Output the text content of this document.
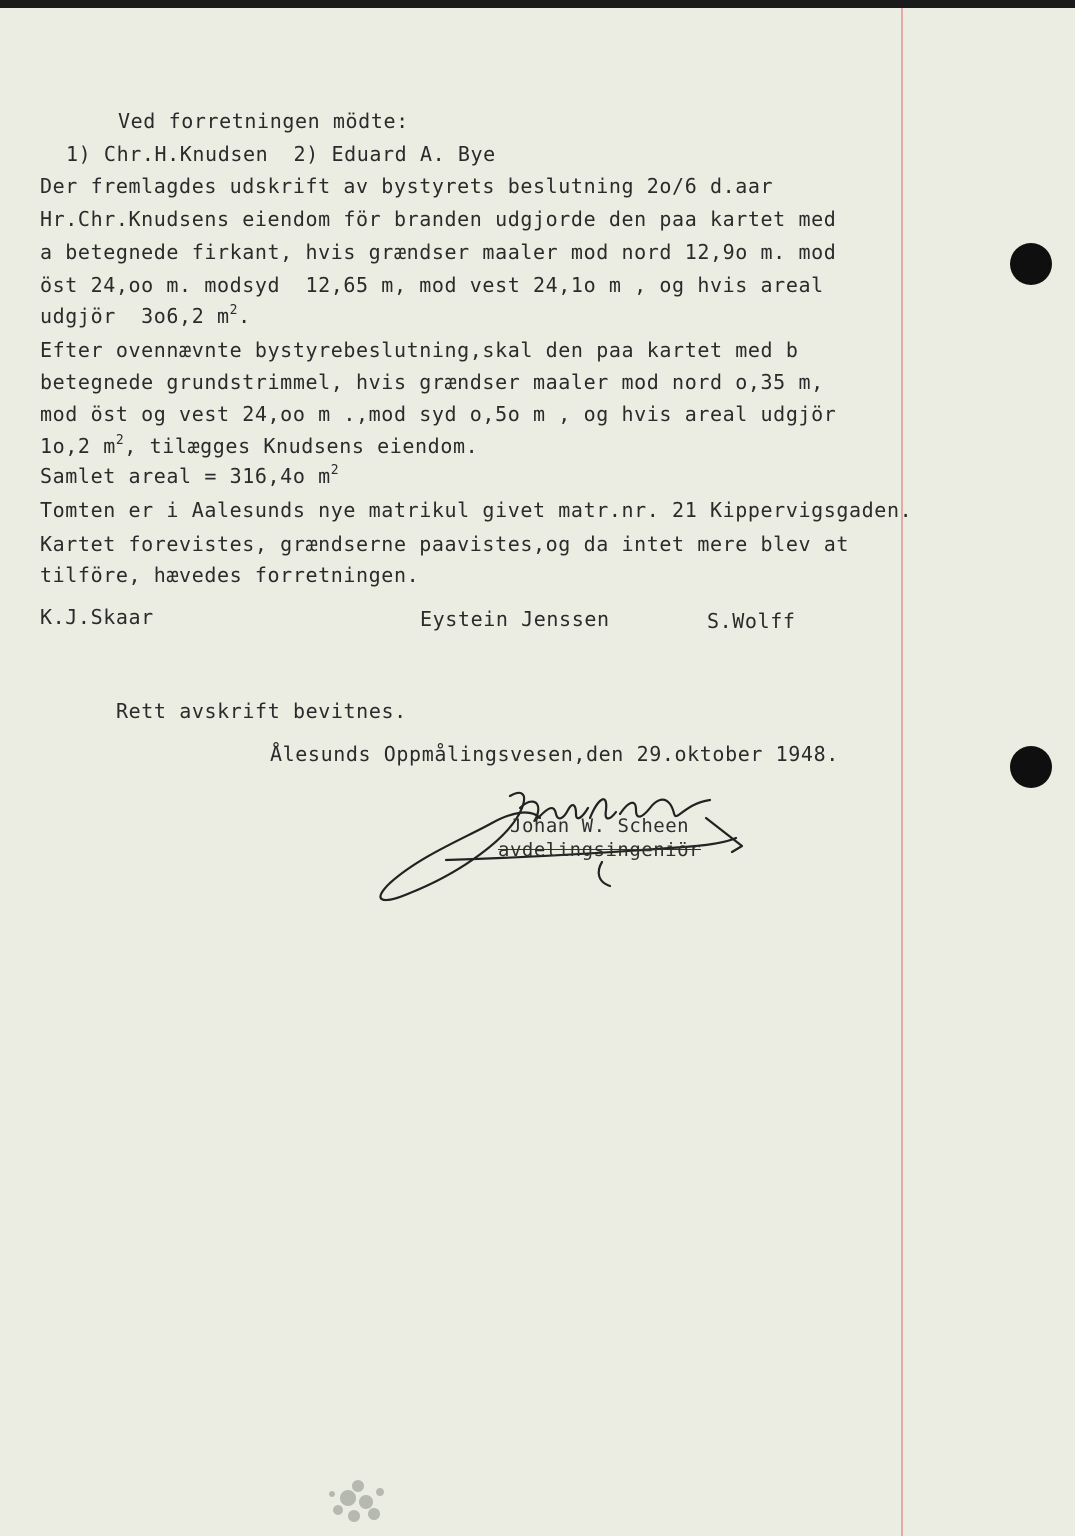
Ved forretningen mödte:
1) Chr.H.Knudsen  2) Eduard A. Bye
Der fremlagdes udskrift av bystyrets beslutning 2o/6 d.aar
Hr.Chr.Knudsens eiendom för branden udgjorde den paa kartet med
a betegnede firkant, hvis grændser maaler mod nord 12,9o m. mod
öst 24,oo m. modsyd  12,65 m, mod vest 24,1o m , og hvis areal
udgjör  3o6,2 $m^2$.
Efter ovennævnte bystyrebeslutning,skal den paa kartet med b
betegnede grundstrimmel, hvis grændser maaler mod nord o,35 m,
mod öst og vest 24,oo m .,mod syd o,5o m , og hvis areal udgjör
1o,2 $m^2$, tilægges Knudsens eiendom.
Samlet areal = 316,4o $m^2$
Tomten er i Aalesunds nye matrikul givet matr.nr. 21 Kippervigsgaden.
Kartet forevistes, grændserne paavistes,og da intet mere blev at
tilföre, hævedes forretningen.
K.J.Skaar	Eystein Jenssen	S.Wolff
Rett avskrift bevitnes.
Ålesunds Oppmålingsvesen,den 29.oktober 1948.
Johan W. Scheen
avdelingsingeniör
